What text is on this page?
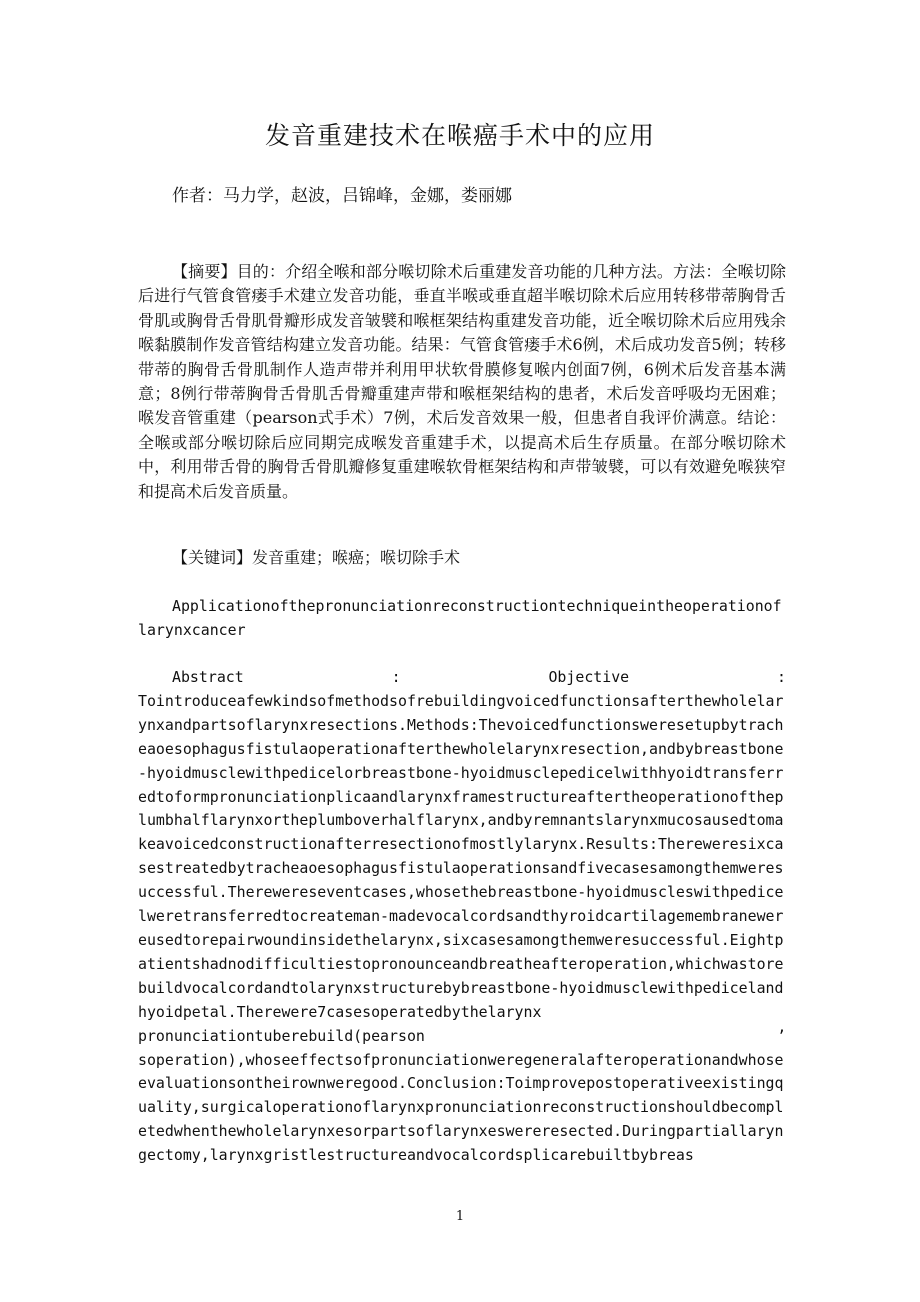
发音重建技术在喉癌手术中的应用
作者：马力学，赵波，吕锦峰，金娜，娄丽娜

【摘要】目的：介绍全喉和部分喉切除术后重建发音功能的几种方法。方法：全喉切除后进行气管食管瘘手术建立发音功能，垂直半喉或垂直超半喉切除术后应用转移带蒂胸骨舌骨肌或胸骨舌骨肌骨瓣形成发音皱襞和喉框架结构重建发音功能，近全喉切除术后应用残余喉黏膜制作发音管结构建立发音功能。结果：气管食管瘘手术6例，术后成功发音5例；转移带蒂的胸骨舌骨肌制作人造声带并利用甲状软骨膜修复喉内创面7例，6例术后发音基本满意；8例行带蒂胸骨舌骨肌舌骨瓣重建声带和喉框架结构的患者，术后发音呼吸均无困难；喉发音管重建（pearson式手术）7例，术后发音效果一般，但患者自我评价满意。结论：全喉或部分喉切除后应同期完成喉发音重建手术，以提高术后生存质量。在部分喉切除术中，利用带舌骨的胸骨舌骨肌瓣修复重建喉软骨框架结构和声带皱襞，可以有效避免喉狭窄和提高术后发音质量。

【关键词】发音重建；喉癌；喉切除手术

Applicationofthepronunciationreconstructiontechniqueintheoperationoflarynxcancer

Abstract	:	Objective	:
Tointroduceafewkindsofmethodsofrebuildingvoicedfunctionsafterthewholelarynxandpartsoflarynxresections.Methods:Thevoicedfunctionsweresetupbytracheaoesophagusfistulaoperationafterthewholelarynxresection,andbybreastbone-hyoidmusclewithpedicelorbreastbone-hyoidmusclepedicelwithhyoidtransferredtoformpronunciationplicaandlarynxframestructureaftertheoperationoftheplumbhalflarynxortheplumboverhalflarynx,andbyremnantslarynxmucosausedtomakeavoicedconstructionafterresectionofmostlylarynx.Results:Thereweresixcasestreatedbytracheaoesophagusfistulaoperationsandfivecasesamongthemweresuccessful.Therewereseventcases,whosethebreastbone-hyoidmuscleswithpedicelweretransferredtocreateman-madevocalcordsandthyroidcartilagemembranewereusedtorepairwoundinsidethelarynx,sixcasesamongthemweresuccessful.Eightpatientshadnodifficultiestopronounceandbreatheafteroperation,whichwastorebuildvocalcordandtolarynxstructurebybreastbone-hyoidmusclewithpedicelandhyoidpetal.Therewere7casesoperatedbythelarynx
pronunciationtuberebuild(pearson	’
soperation),whoseeffectsofpronunciationweregeneralafteroperationandwhoseevaluationsontheirownweregood.Conclusion:Toimprovepostoperativeexistingquality,surgicaloperationoflarynxpronunciationreconstructionshouldbecompletedwhenthewholelarynxesorpartsoflarynxeswereresected.Duringpartiallaryngectomy,larynxgristlestructureandvocalcordsplicarebuiltbybreas
1
